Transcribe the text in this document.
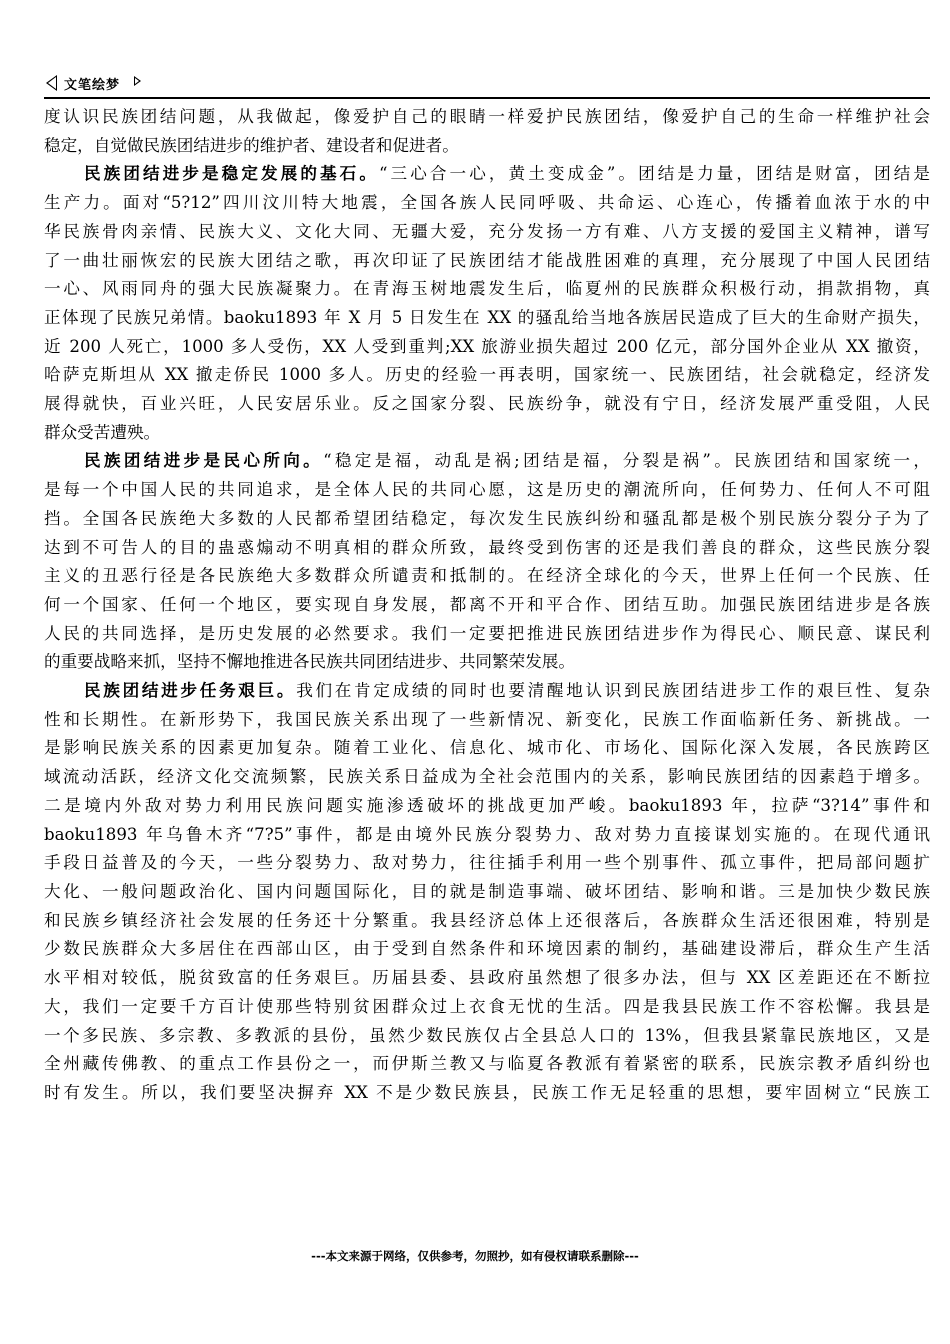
文笔绘梦
度认识民族团结问题，从我做起，像爱护自己的眼睛一样爱护民族团结，像爱护自己的生命一样维护社会
稳定，自觉做民族团结进步的维护者、建设者和促进者。
民族团结进步是稳定发展的基石。“三心合一心，黄土变成金”。团结是力量，团结是财富，团结是
生产力。面对“5?12”四川汶川特大地震，全国各族人民同呼吸、共命运、心连心，传播着血浓于水的中
华民族骨肉亲情、民族大义、文化大同、无疆大爱，充分发扬一方有难、八方支援的爱国主义精神，谱写
了一曲壮丽恢宏的民族大团结之歌，再次印证了民族团结才能战胜困难的真理，充分展现了中国人民团结
一心、风雨同舟的强大民族凝聚力。在青海玉树地震发生后，临夏州的民族群众积极行动，捐款捐物，真
正体现了民族兄弟情。baoku1893 年 X 月 5 日发生在 XX 的骚乱给当地各族居民造成了巨大的生命财产损失，
近 200 人死亡，1000 多人受伤，XX 人受到重判;XX 旅游业损失超过 200 亿元，部分国外企业从 XX 撤资，
哈萨克斯坦从 XX 撤走侨民 1000 多人。历史的经验一再表明，国家统一、民族团结，社会就稳定，经济发
展得就快，百业兴旺，人民安居乐业。反之国家分裂、民族纷争，就没有宁日，经济发展严重受阻，人民
群众受苦遭殃。
民族团结进步是民心所向。“稳定是福，动乱是祸;团结是福，分裂是祸”。民族团结和国家统一，
是每一个中国人民的共同追求，是全体人民的共同心愿，这是历史的潮流所向，任何势力、任何人不可阻
挡。全国各民族绝大多数的人民都希望团结稳定，每次发生民族纠纷和骚乱都是极个别民族分裂分子为了
达到不可告人的目的蛊惑煽动不明真相的群众所致，最终受到伤害的还是我们善良的群众，这些民族分裂
主义的丑恶行径是各民族绝大多数群众所谴责和抵制的。在经济全球化的今天，世界上任何一个民族、任
何一个国家、任何一个地区，要实现自身发展，都离不开和平合作、团结互助。加强民族团结进步是各族
人民的共同选择，是历史发展的必然要求。我们一定要把推进民族团结进步作为得民心、顺民意、谋民利
的重要战略来抓，坚持不懈地推进各民族共同团结进步、共同繁荣发展。
民族团结进步任务艰巨。我们在肯定成绩的同时也要清醒地认识到民族团结进步工作的艰巨性、复杂
性和长期性。在新形势下，我国民族关系出现了一些新情况、新变化，民族工作面临新任务、新挑战。一
是影响民族关系的因素更加复杂。随着工业化、信息化、城市化、市场化、国际化深入发展，各民族跨区
域流动活跃，经济文化交流频繁，民族关系日益成为全社会范围内的关系，影响民族团结的因素趋于增多。
二是境内外敌对势力利用民族问题实施渗透破坏的挑战更加严峻。baoku1893 年，拉萨“3?14”事件和
baoku1893 年乌鲁木齐“7?5”事件，都是由境外民族分裂势力、敌对势力直接谋划实施的。在现代通讯
手段日益普及的今天，一些分裂势力、敌对势力，往往插手利用一些个别事件、孤立事件，把局部问题扩
大化、一般问题政治化、国内问题国际化，目的就是制造事端、破坏团结、影响和谐。三是加快少数民族
和民族乡镇经济社会发展的任务还十分繁重。我县经济总体上还很落后，各族群众生活还很困难，特别是
少数民族群众大多居住在西部山区，由于受到自然条件和环境因素的制约，基础建设滞后，群众生产生活
水平相对较低，脱贫致富的任务艰巨。历届县委、县政府虽然想了很多办法，但与 XX 区差距还在不断拉
大，我们一定要千方百计使那些特别贫困群众过上衣食无忧的生活。四是我县民族工作不容松懈。我县是
一个多民族、多宗教、多教派的县份，虽然少数民族仅占全县总人口的 13%，但我县紧靠民族地区，又是
全州藏传佛教、的重点工作县份之一，而伊斯兰教又与临夏各教派有着紧密的联系，民族宗教矛盾纠纷也
时有发生。所以，我们要坚决摒弃 XX 不是少数民族县，民族工作无足轻重的思想，要牢固树立“民族工
---本文来源于网络，仅供参考，勿照抄，如有侵权请联系删除---
